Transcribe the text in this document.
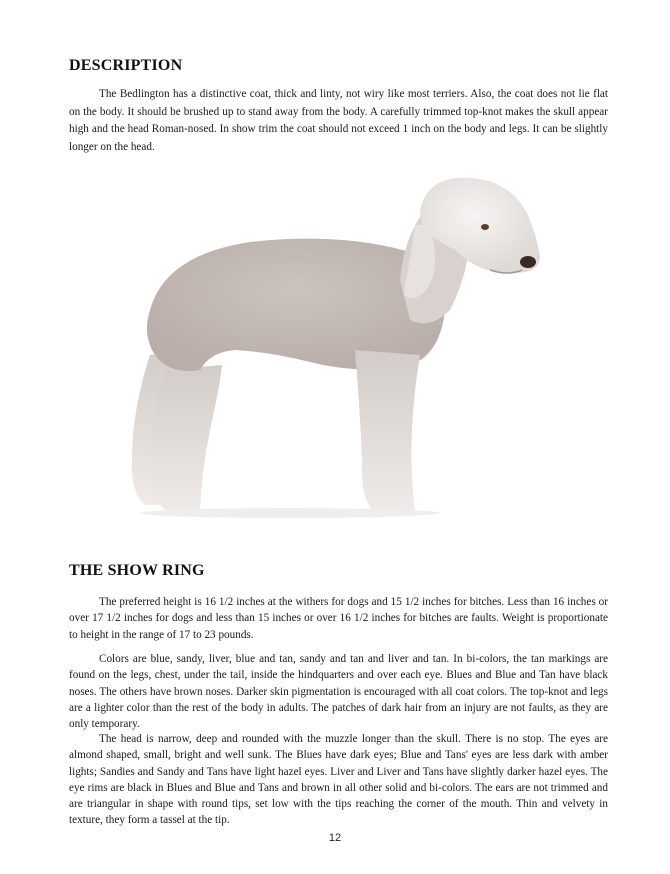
DESCRIPTION

The Bedlington has a distinctive coat, thick and linty, not wiry like most terriers. Also, the coat does not lie flat on the body. It should be brushed up to stand away from the body. A carefully trimmed top-knot makes the skull appear high and the head Roman-nosed. In show trim the coat should not exceed 1 inch on the body and legs. It can be slightly longer on the head.

THE SHOW RING

The preferred height is 16 1/2 inches at the withers for dogs and 15 1/2 inches for bitches. Less than 16 inches or over 17 1/2 inches for dogs and less than 15 inches or over 16 1/2 inches for bitches are faults. Weight is proportionate to height in the range of 17 to 23 pounds.

Colors are blue, sandy, liver, blue and tan, sandy and tan and liver and tan. In bi-colors, the tan markings are found on the legs, chest, under the tail, inside the hindquarters and over each eye. Blues and Blue and Tan have black noses. The others have brown noses. Darker skin pigmentation is encouraged with all coat colors. The top-knot and legs are a lighter color than the rest of the body in adults. The patches of dark hair from an injury are not faults, as they are only temporary.

The head is narrow, deep and rounded with the muzzle longer than the skull. There is no stop. The eyes are almond shaped, small, bright and well sunk. The Blues have dark eyes; Blue and Tans' eyes are less dark with amber lights; Sandies and Sandy and Tans have light hazel eyes. Liver and Liver and Tans have slightly darker hazel eyes. The eye rims are black in Blues and Blue and Tans and brown in all other solid and bi-colors. The ears are not trimmed and are triangular in shape with round tips, set low with the tips reaching the corner of the mouth. Thin and velvety in texture, they form a tassel at the tip.

12
